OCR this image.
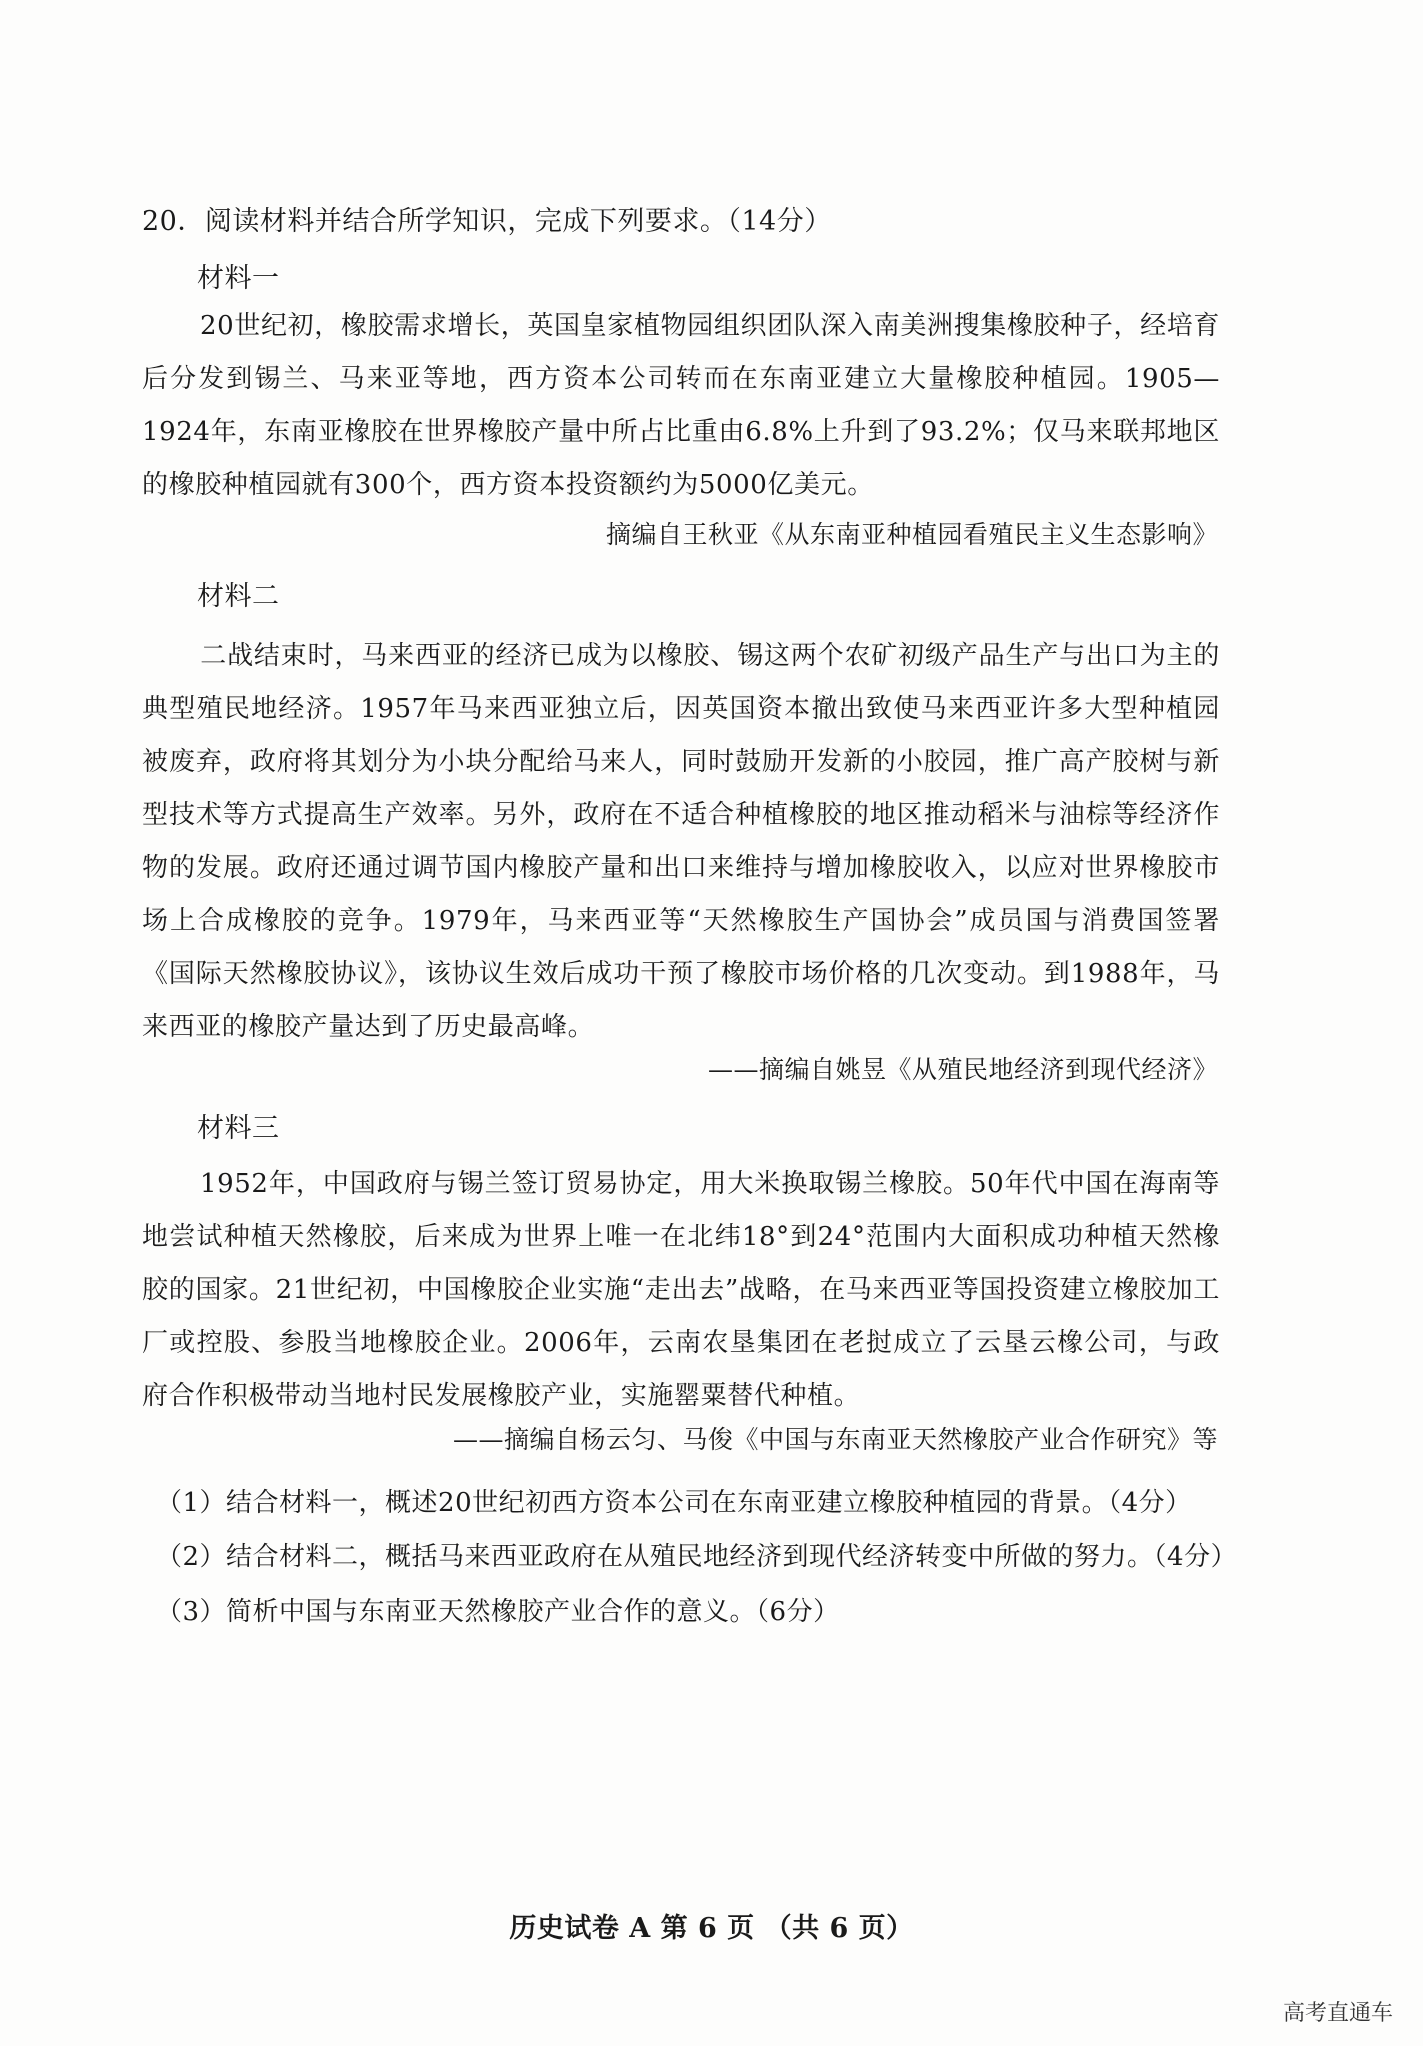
20．阅读材料并结合所学知识，完成下列要求。（14分）
材料一
20世纪初，橡胶需求增长，英国皇家植物园组织团队深入南美洲搜集橡胶种子，经培育后分发到锡兰、马来亚等地，西方资本公司转而在东南亚建立大量橡胶种植园。1905—1924年，东南亚橡胶在世界橡胶产量中所占比重由6.8%上升到了93.2%；仅马来联邦地区的橡胶种植园就有300个，西方资本投资额约为5000亿美元。
摘编自王秋亚《从东南亚种植园看殖民主义生态影响》
材料二
二战结束时，马来西亚的经济已成为以橡胶、锡这两个农矿初级产品生产与出口为主的典型殖民地经济。1957年马来西亚独立后，因英国资本撤出致使马来西亚许多大型种植园被废弃，政府将其划分为小块分配给马来人，同时鼓励开发新的小胶园，推广高产胶树与新型技术等方式提高生产效率。另外，政府在不适合种植橡胶的地区推动稻米与油棕等经济作物的发展。政府还通过调节国内橡胶产量和出口来维持与增加橡胶收入，以应对世界橡胶市场上合成橡胶的竞争。1979年，马来西亚等“天然橡胶生产国协会”成员国与消费国签署《国际天然橡胶协议》，该协议生效后成功干预了橡胶市场价格的几次变动。到1988年，马来西亚的橡胶产量达到了历史最高峰。
——摘编自姚昱《从殖民地经济到现代经济》
材料三
1952年，中国政府与锡兰签订贸易协定，用大米换取锡兰橡胶。50年代中国在海南等地尝试种植天然橡胶，后来成为世界上唯一在北纬18°到24°范围内大面积成功种植天然橡胶的国家。21世纪初，中国橡胶企业实施“走出去”战略，在马来西亚等国投资建立橡胶加工厂或控股、参股当地橡胶企业。2006年，云南农垦集团在老挝成立了云垦云橡公司，与政府合作积极带动当地村民发展橡胶产业，实施罂粟替代种植。
——摘编自杨云匀、马俊《中国与东南亚天然橡胶产业合作研究》等
（1）结合材料一，概述20世纪初西方资本公司在东南亚建立橡胶种植园的背景。（4分）
（2）结合材料二，概括马来西亚政府在从殖民地经济到现代经济转变中所做的努力。（4分）
（3）简析中国与东南亚天然橡胶产业合作的意义。（6分）
历史试卷 A 第 6 页 （共 6 页）
高考直通车
